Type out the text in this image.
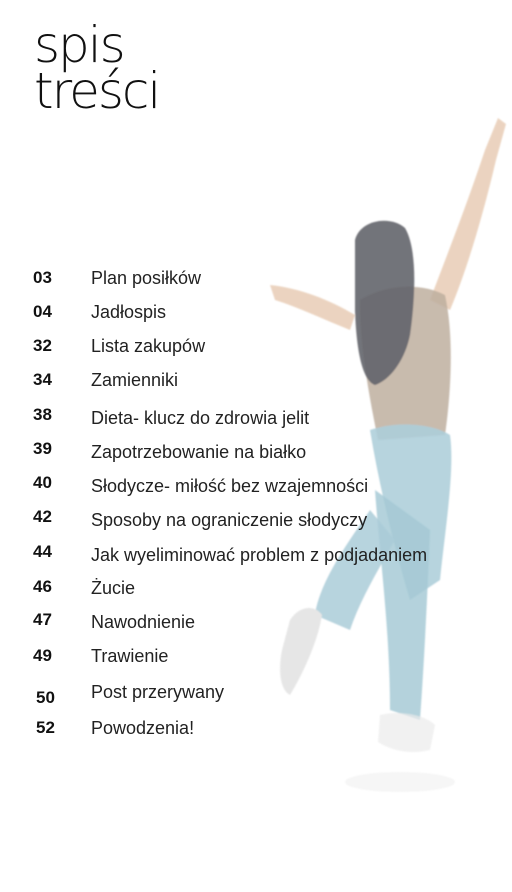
spis
treści
03 Plan posiłków
04 Jadłospis
32 Lista zakupów
34 Zamienniki
38 Dieta- klucz do zdrowia jelit
39 Zapotrzebowanie na białko
40 Słodycze- miłość bez wzajemności
42 Sposoby na ograniczenie słodyczy
44 Jak wyeliminować problem z podjadaniem
46 Żucie
47 Nawodnienie
49 Trawienie
50 Post przerywany
52 Powodzenia!
